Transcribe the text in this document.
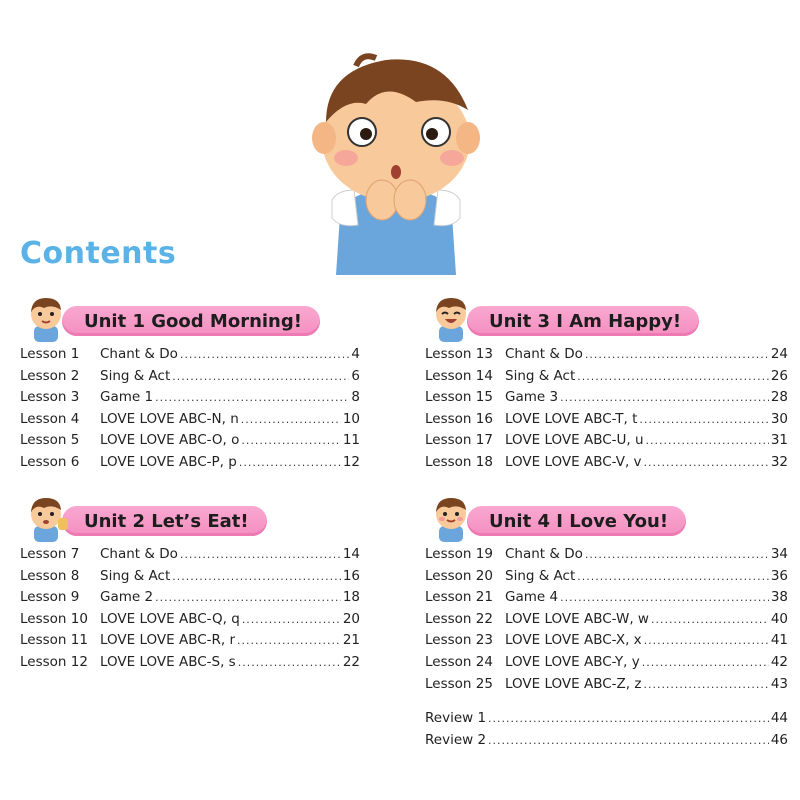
Contents
Unit 1 Good Morning!
Lesson 1	Chant & Do .....	4
Lesson 2	Sing & Act .....	6
Lesson 3	Game 1 .....	8
Lesson 4	LOVE LOVE ABC-N, n .....	10
Lesson 5	LOVE LOVE ABC-O, o .....	11
Lesson 6	LOVE LOVE ABC-P, p .....	12
Unit 2 Let’s Eat!
Lesson 7	Chant & Do .....	14
Lesson 8	Sing & Act .....	16
Lesson 9	Game 2 .....	18
Lesson 10 LOVE LOVE ABC-Q, q .....	20
Lesson 11 LOVE LOVE ABC-R, r .....	21
Lesson 12 LOVE LOVE ABC-S, s .....	22
Unit 3 I Am Happy!
Lesson 13 Chant & Do .....	24
Lesson 14 Sing & Act .....	26
Lesson 15 Game 3 .....	28
Lesson 16 LOVE LOVE ABC-T, t .....	30
Lesson 17 LOVE LOVE ABC-U, u .....	31
Lesson 18 LOVE LOVE ABC-V, v .....	32
Unit 4 I Love You!
Lesson 19 Chant & Do .....	34
Lesson 20 Sing & Act .....	36
Lesson 21 Game 4 .....	38
Lesson 22 LOVE LOVE ABC-W, w .....	40
Lesson 23 LOVE LOVE ABC-X, x .....	41
Lesson 24 LOVE LOVE ABC-Y, y .....	42
Lesson 25 LOVE LOVE ABC-Z, z .....	43
Review 1 .....	44
Review 2 .....	46
